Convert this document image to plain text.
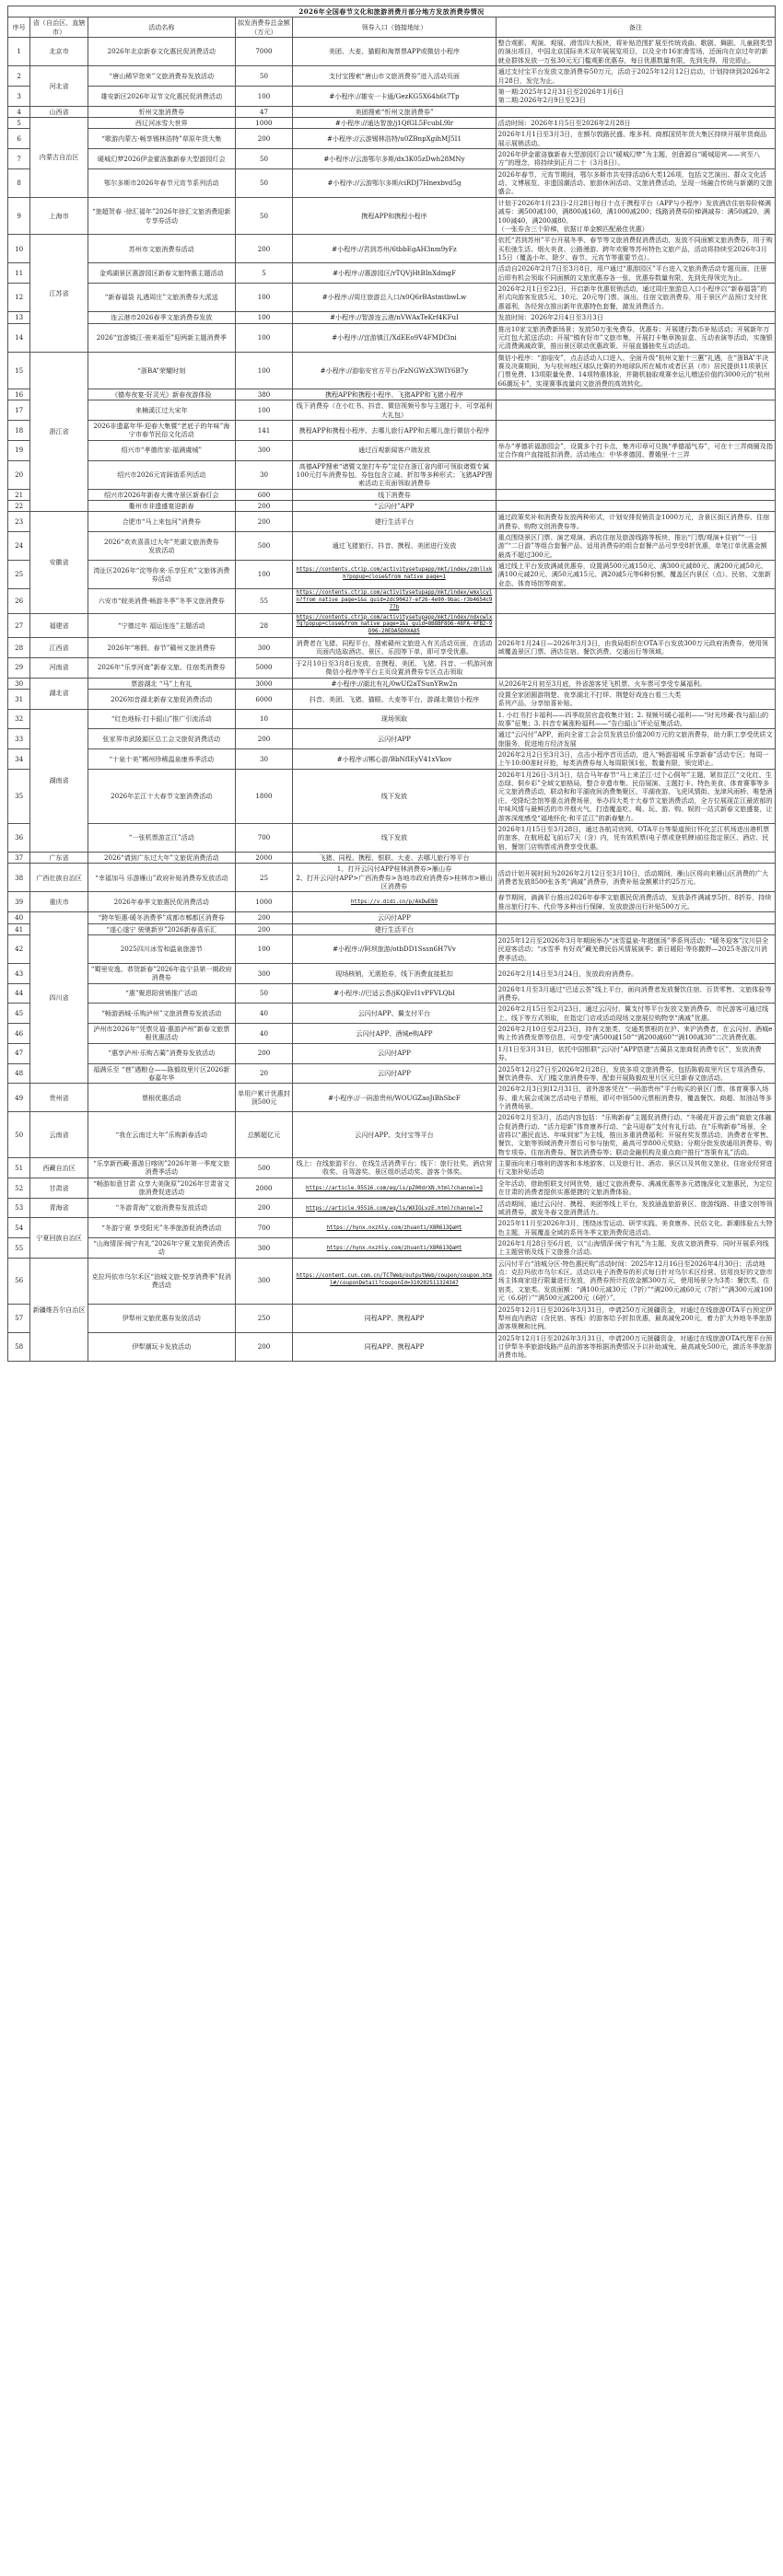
2026年全国春节文化和旅游消费月部分地方发放消费券情况					
序号	省（自治区、直辖市）	活动名称	拟发消费券总金额（万元）	领券入口（链接地址）	备注
1	北京市	2026年北京新春文化惠民促消费活动	7000	美团、大麦、猫眼和淘票票APP或微信小程序	整合观影、观演、观展、滑雪四大板块，将补贴范围扩展至传统戏曲、歌剧、舞剧、儿童剧类型的演出项目，中国北京国际美术双年展展览项目，以及全市16家滑雪场，还面向在京过年的新就业群体发放一万张30元无门槛观影优惠券，每日优惠数量有限，先到先得，用完即止。
2	河北省	“唐山稀罕您来”文旅消费券发放活动	50	支付宝搜索“唐山市文旅消费券”进入活动页面	通过支付宝平台发放文旅消费券50万元，活动于2025年12月12日启动，计划持续到2026年2月28日，发完为止。
3		雄安新区2026年双节文化惠民促消费活动	100	#小程序://雄安一卡通/GezKG5X64h6t7Tp	第一期:2025年12月31日至2026年1月6日
第二期:2026年2月9日至23日
4	山西省	忻州文旅消费券	47	美团搜索“忻州文旅消费券”	
5	内蒙古自治区	西辽河冰雪大世界	1000	#小程序://通达智旅/j1QfGL5FcubL9lr	活动时间：2026年1月5日至2026年2月28日
6		“歌游内蒙古·畅享锡林浩特”草原年货大集	200	#小程序://云游锡林浩特/u0ZBnpXgihMJ5I1	2026年1月1日至3月3日，在额尔敦路民盛、维多利、商都国贸年货大集区持续开展年货商品展示展销活动。
7		暖城幻梦2026伊金霍洛旗新春大型游园灯会	50	#小程序://云游鄂尔多斯/dx3K05zDwh28MNy	2026年伊金霍洛旗新春大型游园灯会以“暖城幻梦”为主题，创意源自“暖城迎宾——宾至八方”的理念，将持续到正月二十（3月8日）。
8		鄂尔多斯市2026年春节元宵节系列活动	50	#小程序://云游鄂尔多斯/ciRDJ7Hnexbvd5g	2026年春节、元宵节期间，鄂尔多斯市共安排活动6大类126项，包括文艺演出、群众文化活动、文博展览、非遗国潮活动、旅游休闲活动、文旅消费活动，呈现一场融合传统与新潮的文旅盛会。
9	上海市	“旅超贺春 ·徐汇福年”2026年徐汇文旅消费迎新专享券活动	50	携程APP和携程小程序	计划于2026年1月23日-2月28日每日十点于携程平台（APP与小程序）发放酒店住宿券阶梯满减券：满500减100，满800减160，满1000减200；线路消费券阶梯满减券：满50减20，满100减40，满200减80。
（一张券含三个阶梯，依据订单金额匹配最佳优惠）
10	江苏省	苏州市文旅消费券活动	200	#小程序://君到苏州/6tbbEgAH3nm9yFz	依托“君到苏州”平台开展冬季、春节等文旅消费促消费活动，发放不同面额文旅消费券，用于购买松弛生活、烟火美食、公路漫游、跨年欢聚等苏州特色文旅产品，活动将持续至2026年3月15日（覆盖小年、除夕、春节、元宵节等重要节点）。
11		金鸡湖景区惠游园区新春文旅特惠主题活动	5	#小程序://惠游园区/rTQVjHtBInXdmgF	活动自2026年2月7日至3月8日，用户通过“惠游园区”平台进入文旅消费活动专题页面，注册后即有机会领取不同面额的文旅优惠券各一张，优惠券数量有限，先到先得领完为止。
12		“新春福袋 礼遇周庄”文旅消费券大派送	100	#小程序://周庄旅游总入口/x0Q6rBAstmtbwLw	2026年2月1日至23日，开启新年优惠促销活动，通过周庄旅游总入口小程序以“新春福袋”的形式向游客发放5元、10元、20元等门票、演出、住宿文旅消费券，用于景区产品预订支付优惠福利，各经营点推出新年优惠特色套餐，激发消费活力。
13		连云港市2026春季文旅消费券发放	100	#小程序://智游连云港/nVWAxTeKrf4KFuI	发放时间：2026年2月4日至3月3日
14		2026“宜游镇江·骏来福至”迎两新主题消费季	100	#小程序://宜游镇江/XdEEo9V4FMDf3ni	推出10家文旅消费新场景；发放50万张免费券、优惠券；开展建行数币补贴活动；开展新年万元红包大派送活动；开展“镇有好市”文旅市集，开展打卡集章换盲盒、互动表演等活动，实施银元清费满减政策，推出景区联动优惠政策、开展直播抽奖互动活动。
15	浙江省	“浙BA”荣耀时刻	100	#小程序://游临安官方平台/FzNGWzX3WIY6B7y	微信小程序：“游临安”，点击活动入口进入、全面升级“杭州文旅十三蕙”礼遇，在“浙BA”半决赛及决赛期间，为与杭州地区球队比赛的外地球队所在城市或者区县（市）居民提供11项景区门票免费、13项限量免费、14项特惠体验，并随机抽取观赛幸运儿赠送价值约3000元的“杭州66潮玩卡”，实现赛事流量向文旅消费的高效转化。
16		《德寿夜宴·好灵光》新春夜游体验	380	携程APP和携程小程序、飞猪APP和飞猪小程序	
17		来楠溪江过大宋年	100	线下消费券（在小红书、抖音、微信视频号参与主题打卡，可享福利大礼包）	
18		2026非遗嘉年华·迎春大集暨“老底子的年味”海宁市春节民俗文化活动	141	携程APP和携程小程序、去哪儿旅行APP和去哪儿旅行微信小程序	
19		绍兴市“孝德传家·福满虞城”	300	通过百观新闻客户端发放	举办“孝德祈福游园会”，设置多个打卡点，集齐印章可兑换“孝德福气券”，可在十三弄商圈及指定合作商户直接抵扣消费。活动地点：中华孝德园、曹娥里·十三弄
20		绍兴市2026元宵踩街系列活动	30	高德APP搜索“诸暨文旅打车券”定位在浙江省内即可领取诸暨专属100元打车消费券包，券包包含立减、折扣等多种形式；飞猪APP搜索活动主页面领取消费券	
21		绍兴市2026年新春大佛寺景区新春灯会	600	线下消费券	
22		衢州市非遗盛宴迎新春	200	“云闪付”APP	
23	安徽省	合肥市“马上来包河”消费券	200	建行生活平台	通过政策奖补和消费券发放两种形式，计划安排促销资金1000万元，含景区街区消费券、住宿消费券、购物文创消费券等。
24		2026“欢欢喜喜过大年”芜湖文旅消费券
发放活动	500	通过飞猪旅行、抖音、携程、美团进行发放	重点围绕景区门票、演艺观演、酒店住宿及旅游线路等板块，推出“门票/观演+住宿”“一日游”“二日游”等组合套餐产品。适用消费券的组合套餐产品可享受8折优惠，单笔订单优惠金额最高不超过300元。
25		湾沚区2026年“淀等你来·乐享狂欢”文旅体消费券活动	100	https://contents.ctrip.com/activitysetupapp/mkt/index/zdnllxkh?popup=close&from_native_page=1	通过线上平台发放满减优惠券，设置满500元减150元、满300元减80元、满200元减50元、满100元减20元、满50元减15元、满20减5元等6种份额，覆盖区内景区（点）、民宿、文旅新业态、体育场馆等商家。
26		六安市“皖美消费·畅游冬季”冬季文旅消费券	55	https://contents.ctrip.com/activitysetupapp/mkt/index/wmxlcyln?from_native_page=1&s_guid=2dc90427-ef26-4e90-9bac-r3b4654c977b	
27	福建省	“宁德过年 福运连连”主题活动	28	https://contents.ctrip.com/activitysetupapp/mkt/index/ndxcwlxfq?popup=close&from_native_page=1&s_guid=8B8BF8O6-48FA-4FB2-9D96-20EDA5D0XA85	
28	江西省	2026年“寒假、春节”赣州文旅消费券	300	消费者在飞猪、同程平台，搜索赣州文旅进入有关活动页面，在活动页面内选取酒店、景区、乐园等下单，即可享受优惠。	2026年1月24日—2026年3月3日，由我局组织在OTA平台发放300万元政府消费券，使用领域覆盖景区门票、酒店住宿、餐饮消费、交通出行等领域。
29	河南省	2026年“乐享河南”新春文旅、住宿类消费券	5000	于2月10日至3月8日发放，在携程、美团、飞猪、抖音、一机游河南微信小程序等平台主页设置消费券专区点击领取	
30	湖北省	票游湖北 “马”上有礼	3000	#小程序://湖北有礼/0wUf2aTSunYRw2n	从2026年2月初至3月底，外省游客凭飞机票、火车票可享受专属福利。
31		2026知音湖北新春文旅促消费活动	6000	抖音、美团、飞猪、猫眼、大麦等平台，游湖北微信小程序	设置全家团圆游荆楚、夜享湖北不打烊、荆楚好戏连台看三大类
系列产品，分享惊喜补贴。
32	湖南省	“红色地标·打卡韶山”推广引流活动	10	现场领取	1. 小红书打卡福利——四季故居官盒收集计划；2. 视频号暖心福利——“时光珍藏·我与韶山的故事”征集；3. 抖音专属涨粉福利——“告白韶山”评论征集活动。
33		张家界市武陵源区总工会文旅促消费活动	200	云闪付APP	通过“云闪付”APP，面向全省工会会员发放总价值200万元的文旅消费券，助力职工享受优质文旅服务，促进地方经济发展
34		“十泉十美”郴州珍稀温泉康养季活动	30	#小程序://郴心游/BbNfIEyV41xVkov	2026年2月2日至3月3日，点击小程序首页活动，进入“畅游福城 乐享新春”活动专区；每周一上午10:00准时开抢，每类消费券每人每周限领1张，数量有限，领完即止。
35		2026年芷江十大春节文旅消费活动	1800	线下发放	2026年1月26日-3月3日，结合马年春节“马上来芷江·过个心侗年”主题，紧扣芷江“文化红、生态绿、侗乡彩”全域文旅格局，整合非遗市集、民俗展演、主题打卡、特色美食、体育赛事等多元文旅消费活动，联动和和平湖夜间消费集聚区、平湖夜游、飞虎风情街、龙津风雨桥、唯楚酒庄、受降纪念馆等重点消费场景，举办四大类十大春节文旅消费活动，全方位展现芷江最浓郁的年味风情与最鲜活的市井烟火气，打造覆盖吃、喝、玩、游、购、娱的一站式新春文旅盛宴，让游客深度感受“福地怀化·和平芷江”的新春魅力。
36		“一张机票游芷江”活动	700	线下发放	2026年1月15日至3月28日，通过各航司官网、OTA平台等渠道预订怀化芷江机场进出港机票的旅客，在航班起飞前后7天（含）内，凭有效机票(电子票或登机牌)前往指定景区、酒店、民宿、餐馆门店购票或消费享受优惠。
37	广东省	2026“请到广东过大年”文旅促消费活动	2000	飞猪、同程、携程、银联、大麦、去哪儿旅行等平台	
38	广西壮族自治区	“幸福加马 乐游雁山”政府补贴消费券发放活动	25	1、打开云闪付APP桂林消费券>雁山券
2、打开云闪付APP>广西消费券>各地市政府消费券>桂林市>雁山区消费券	活动计划开展时间为2026年2月12日至3月10日，活动期间，雁山区将向来雁山区消费的广大消费者发放8500张各类“满减”消费券，消费补贴金额累计约25万元。
39	重庆市	2026年春季文旅惠民促消费活动	1000	https://v.didi.cn/p/AkDwEB9	春节期间，滴滴平台推出2026年春季文旅惠民促消费活动，发放条件满减享5折、8折券，持续推出旅行打车、代价等多种出行保障，发放旅游出行补贴500万元。
40	四川省	“跨年钜惠·暖冬消费季”成都市郫都区消费券	200	云闪付APP	
41		“遂心遂宁 骏驰新岁”2026新春喜乐汇	200	建行生活平台	
42		2025四川冰雪和温泉旅游节	100	#小程序://阿坝旅游/otbDD1Sssn6H7Vv	2025年12月至2026年3月年期间举办“冰雪温泉·年猪刨汤”季系列活动；“暖冬迎客”汶川县全民迎客活动；“冰雪季 有好戏”藏羌彝民俗风情展演季；新日暖阳·等你撒野—2025冬游汶川消费季活动。
43		“蜀里安逸、恭贺新春”2026年盐宁县第一期政府消费券	300	现场核销，无需抢券，线下消费直接抵扣	2026年2月14日至3月24日，发放政府消费券。
44		“惠”聚恩阳营销推广活动	50	#小程序://巴适云荟/jKQEvI1vPFVLQbI	2026年1月至3月通过“巴适云荟”线上平台，面向消费者发放餐饮住宿、百货零售、文旅体验等消费券。
45		“畅游酒城·乐购泸州”文旅消费券发放活动	40	云闪付APP、翼支付平台	2026年2月15日至2月23日，通过云闪付、翼支付等平台发放文旅消费券，市民游客可通过线上、线下等方式领取，在指定门店或活动现场文旅展位购物享“满减”优惠。
46		泸州市2026年“凭票兑福·惠游泸州”新春文旅票根优惠活动	40	云闪付APP、酒城e购APP	2026年2月10日至2月23日，持有文旅类、交通类票根的在沪、来沪消费者，在云闪付、酒城e购上传消费发票等信息，可享受“满500减150”“满200减60”“满100减30”二次消费优惠。
47		“惠享泸州·乐购古蔺”消费券发放活动	200	云闪付APP	1月1日至3月31日，依托中国银联“云闪付”APP搭建“古蔺县文旅商促消费专区”，发放消费券。
48		福满乐至 “巷”遇粮仓——陈毅故里片区2026新春嘉年华	20	云闪付APP	2025年12月27日至2026年2月28日，发放多项文旅消费券，包括陈毅故里片区专项消费券、餐饮消费券、无门槛文旅消费券等，配套开展陈毅故里片区元旦新春文旅活动。
49	贵州省	票根优惠活动	单用户累计优惠封顶500元	#小程序://一码游贵州/WOUGZaoJiBhSbcF	2026年2月3日到12月31日，省外游客凭在“一码游贵州”平台购买的景区门票、体育赛事入场券、重大展会或演艺活动电子票根，即可申领500元票根消费券，覆盖餐饮、商超、加油站等多个消费场景。
50	云南省	“我在云南过大年”乐购新春活动	总额超亿元	云闪付APP、支付宝等平台	2026年2月至3月，活动内容包括：“乐购新春”主题促消费行动、“冬暖花开游云南”商旅文体融合促消费行动、“活力迎新”体育康养行动、“金马迎春”支付有礼行动。在“乐购新春”场景，全省将以“惠民直达、年味到家”为主线，推出多重消费福利；开展有奖发票活动，消费者在零售、餐饮、文旅等领域消费开票后可参与抽奖，最高可享800元奖励；分期分批发放通用消费券、购物专项券、住宿消费券、餐饮消费券等；联动金融机构及重点商户推行“答策有礼”活动。
51	西藏自治区	“乐享新西藏·惠游日喀则”2026年第一季度文旅消费季活动	500	线上：在线旅游平台、在线生活消费平台；线下：旅行社奖、酒店营收奖、自驾游奖、景区组织活动奖、游客个体奖。	主要面向来日喀则的游客和本地游客，以及旅行社、酒店、景区以及其他文旅业、住宿业经营进行文旅补贴活动
52	甘肃省	“畅游如意甘肃 众享大美陇原”2026年甘肃省文旅消费促进活动	2000	https://article.95516.com/eq/ls/pZ00drXN.html?channel=3	全年活动，借助银联支付网优势，通过文旅消费券、满减优惠等多元措施深化文旅惠民，为定位在甘肃的消费者提供实惠便捷的文旅消费体验。
53	青海省	“冬游青海”文旅消费券发放活动	200	https://article.95516.com/eq/ls/WXIGLvzE.html?channel=7	活动期间，通过云闪付、携程、美团等线上平台，发放涵盖旅游景区、旅游线路、非遗文创等领域消费券，激发冬春文旅消费活力。
54	宁夏回族自治区	“冬游宁夏 享受阳光”冬季旅游促消费活动	700	https://hynx.nxzhly.com/zhuanti/X8R613QaHt	2025年11月至2026年3月，围绕冰雪运动、研学实践、美食康养、民俗文化、新潮体验五大特色主题，开展覆盖全域的系列冬季文旅消费促进活动。
55		“山海情深·闽宁有礼”2026年宁夏文旅促消费活动	300	https://hynx.nxzhly.com/zhuanti/X8R613QaHt	2026年1月28日至6月底，以“山海情深·闽宁有礼”为主题，发放文旅消费券，同时开展系列线上主题营销及线下文旅推介活动。
56	新疆维吾尔自治区	克拉玛依市乌尔禾区“油城文旅·悦享消费季”促消费活动	300	https://content.cun.com.cn/TCTWeb/outputWeb/coupon/coupon.html#/couponDetail?couponId=310202511324347	云闪付平台“油城分区·特色惠民购”活动时间：2025年12月16日至2026年4月30日；活动地点：克拉玛依市乌尔禾区。活动以电子消费券的形式每日针对乌尔禾区经营、信用良好的文旅市场主体商家进行限量进行发放，消费券预计投放金额300万元，使用场景分为3类：餐饮类、住宿类、文旅类。发放面额：“满100元减30元（7折）”“满200元减60元（7折）”“满300元减100元（6.6折）”“满500元减200元（6折）”。
57		伊犁州文旅优惠券发放活动	250	同程APP、携程APP	2025年12月1日至2026年3月31日，申请250万元援疆资金，对通过在线旅游OTA平台预定伊犁州直内酒店（含民宿、客栈）的游客给予折扣优惠，最高减免200元，着力扩大外地冬季旅游游客规模和比例。
58		伊犁潮玩卡发放活动	200	同程APP、携程APP	2025年12月1日至2026年3月31日，申请200万元援疆资金，对通过在线旅游OTA代理平台预订伊犁冬季旅游线路产品的游客等根据消费情况予以补助减免，最高减免500元，激活冬季旅游消费市场。
